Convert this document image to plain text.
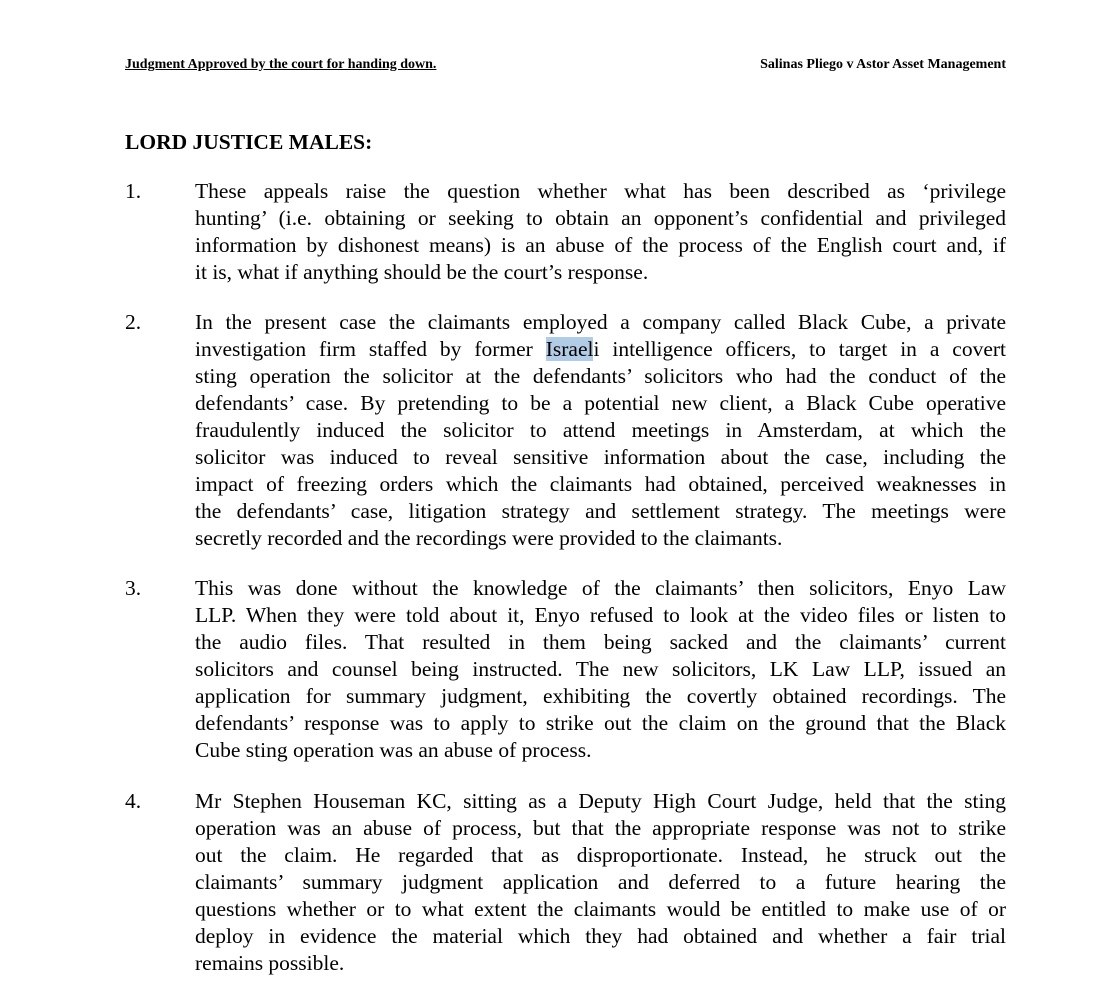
Judgment Approved by the court for handing down.	Salinas Pliego v Astor Asset Management
LORD JUSTICE MALES:
1.	These appeals raise the question whether what has been described as ‘privilege
hunting’ (i.e. obtaining or seeking to obtain an opponent’s confidential and privileged
information by dishonest means) is an abuse of the process of the English court and, if
it is, what if anything should be the court’s response.
2.	In the present case the claimants employed a company called Black Cube, a private
investigation firm staffed by former Israeli intelligence officers, to target in a covert
sting operation the solicitor at the defendants’ solicitors who had the conduct of the
defendants’ case. By pretending to be a potential new client, a Black Cube operative
fraudulently induced the solicitor to attend meetings in Amsterdam, at which the
solicitor was induced to reveal sensitive information about the case, including the
impact of freezing orders which the claimants had obtained, perceived weaknesses in
the defendants’ case, litigation strategy and settlement strategy. The meetings were
secretly recorded and the recordings were provided to the claimants.
3.	This was done without the knowledge of the claimants’ then solicitors, Enyo Law
LLP. When they were told about it, Enyo refused to look at the video files or listen to
the audio files. That resulted in them being sacked and the claimants’ current
solicitors and counsel being instructed. The new solicitors, LK Law LLP, issued an
application for summary judgment, exhibiting the covertly obtained recordings. The
defendants’ response was to apply to strike out the claim on the ground that the Black
Cube sting operation was an abuse of process.
4.	Mr Stephen Houseman KC, sitting as a Deputy High Court Judge, held that the sting
operation was an abuse of process, but that the appropriate response was not to strike
out the claim. He regarded that as disproportionate. Instead, he struck out the
claimants’ summary judgment application and deferred to a future hearing the
questions whether or to what extent the claimants would be entitled to make use of or
deploy in evidence the material which they had obtained and whether a fair trial
remains possible.
